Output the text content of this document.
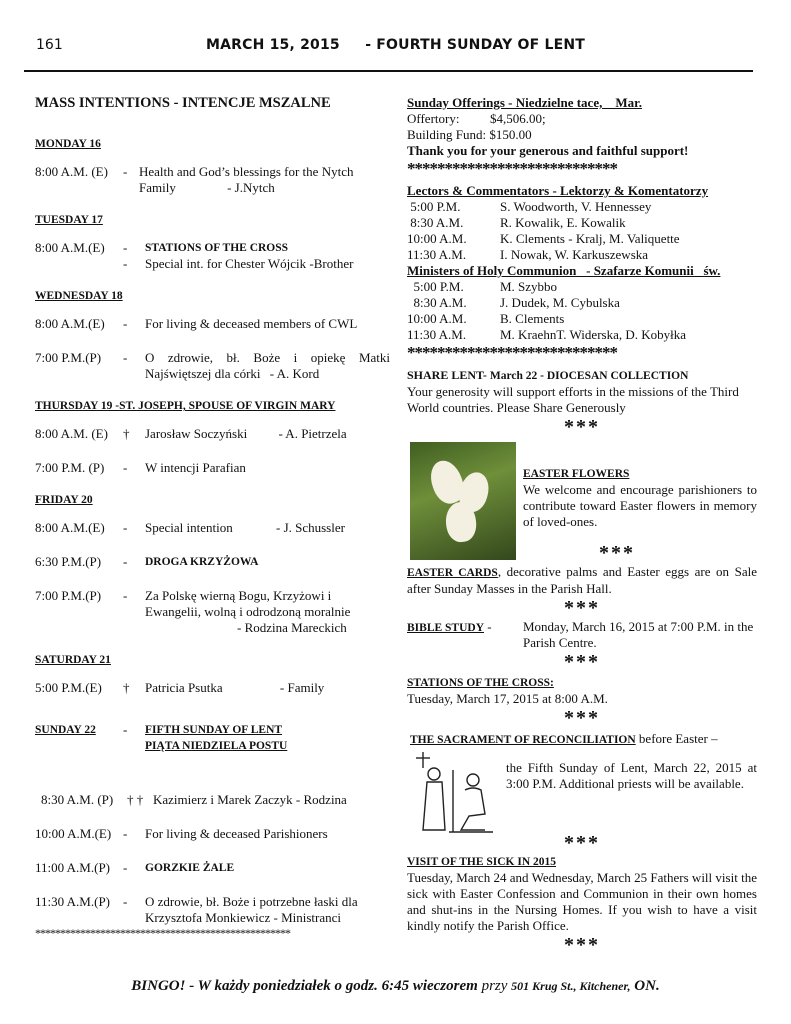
161	MARCH 15, 2015     - FOURTH SUNDAY OF LENT
MASS INTENTIONS - INTENCJE MSZALNE
MONDAY 16
8:00 A.M. (E)	- Health and God’s blessings for the Nytch Family	- J.Nytch
TUESDAY 17
8:00 A.M.(E)	-	STATIONS OF THE CROSS
-	Special int. for Chester Wójcik -Brother
WEDNESDAY 18
8:00 A.M.(E)	-	For living & deceased members of CWL
7:00 P.M.(P)	-	O zdrowie, bł. Boże i opiekę Matki Najświętszej dla córki - A. Kord
THURSDAY 19 -ST. JOSEPH, SPOUSE OF VIRGIN MARY
8:00 A.M. (E)	†	Jarosław Soczyński - A. Pietrzela
7:00 P.M. (P)	-	W intencji Parafian
FRIDAY 20
8:00 A.M.(E)	-	Special intention	- J. Schussler
6:30 P.M.(P)	-	DROGA KRZYŻOWA
7:00 P.M.(P)	-	Za Polskę wierną Bogu, Krzyżowi i Ewangelii, wolną i odrodzoną moralnie
- Rodzina Mareckich
SATURDAY 21
5:00 P.M.(E)	†	Patricia Psutka	- Family
SUNDAY 22	-	FIFTH SUNDAY OF LENT
PIĄTA NIEDZIELA POSTU
8:30 A.M. (P)	† † Kazimierz i Marek Zaczyk - Rodzina
10:00 A.M.(E) -	For living & deceased Parishioners
11:00 A.M.(P)	-	GORZKIE ŻALE
11:30 A.M.(P)	-	O zdrowie, bł. Boże i potrzebne łaski dla Krzysztofa Monkiewicz - Ministranci
***************************************************
Sunday Offerings - Niedzielne tace,    Mar.
Offertory:	$4,506.00;
Building Fund: $150.00
Thank you for your generous and faithful support!
****************************
Lectors & Commentators - Lektorzy & Komentatorzy
5:00 P.M.	S. Woodworth, V. Hennessey
8:30 A.M.	R. Kowalik, E. Kowalik
10:00 A.M.	K. Clements - Kralj, M. Valiquette
11:30 A.M.	I. Nowak, W. Karkuszewska
Ministers of Holy Communion   - Szafarze Komunii   św.
5:00 P.M.	M. Szybbo
8:30 A.M.	J. Dudek, M. Cybulska
10:00 A.M.	B. Clements
11:30 A.M.	M. KraehnT. Widerska, D. Kobyłka
****************************
SHARE LENT- March 22 - DIOCESAN COLLECTION
Your generosity will support efforts in the missions of the Third World countries. Please Share Generously
***
EASTER FLOWERS
We welcome and encourage parishioners to contribute toward Easter flowers in memory of loved-ones.
***
EASTER CARDS, decorative palms and Easter eggs are on Sale after Sunday Masses in the Parish Hall.
***
BIBLE STUDY -	Monday, March 16, 2015 at 7:00 P.M. in the Parish Centre.
***
STATIONS OF THE CROSS:
Tuesday, March 17, 2015 at 8:00 A.M.
***
THE SACRAMENT OF RECONCILIATION before Easter –
the Fifth Sunday of Lent, March 22, 2015 at 3:00 P.M. Additional priests will be available.
***
VISIT OF THE SICK IN 2015
Tuesday, March 24 and Wednesday, March 25 Fathers will visit the sick with Easter Confession and Communion in their own homes and shut-ins in the Nursing Homes. If you wish to have a visit kindly notify the Parish Office.
***
BINGO! - W każdy poniedziałek o godz. 6:45 wieczorem przy 501 Krug St., Kitchener, ON.
